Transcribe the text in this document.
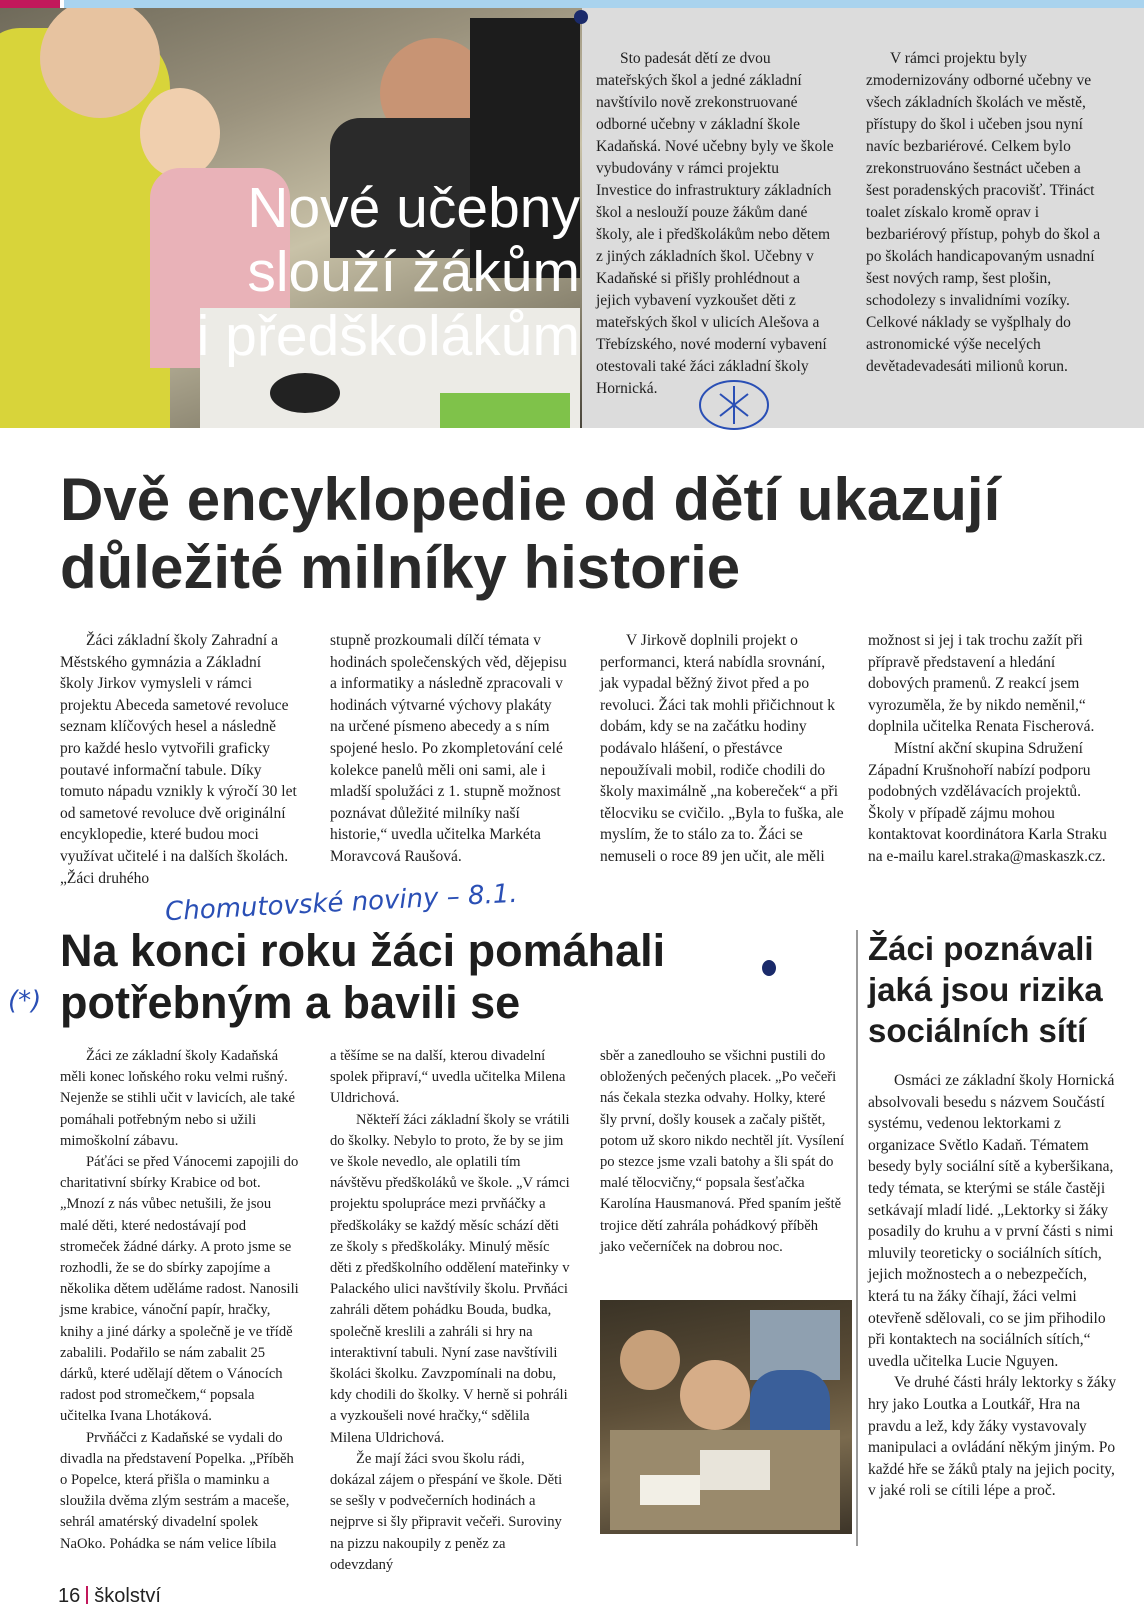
Nové učebny
slouží žákům
i předškolákům

Sto padesát dětí ze dvou mateřských škol a jedné základní navštívilo nově zrekonstruované odborné učebny v základní škole Kadaňská. Nové učebny byly ve škole vybudovány v rámci projektu Investice do infrastruktury základních škol a neslouží pouze žákům dané školy, ale i předškolákům nebo dětem z jiných základních škol. Učebny v Kadaňské si přišly prohlédnout a jejich vybavení vyzkoušet děti z mateřských škol v ulicích Alešova a Třebízského, nové moderní vybavení otestovali také žáci základní školy Hornická.

V rámci projektu byly zmodernizovány odborné učebny ve všech základních školách ve městě, přístupy do škol i učeben jsou nyní navíc bezbariérové. Celkem bylo zrekonstruováno šestnáct učeben a šest poradenských pracovišť. Třináct toalet získalo kromě oprav i bezbariérový přístup, pohyb do škol a po školách handicapovaným usnadní šest nových ramp, šest plošin, schodolezy s invalidními vozíky. Celkové náklady se vyšplhaly do astronomické výše necelých devětadevadesáti milionů korun.

Dvě encyklopedie od dětí ukazují
důležité milníky historie

Žáci základní školy Zahradní a Městského gymnázia a Základní školy Jirkov vymysleli v rámci projektu Abeceda sametové revoluce seznam klíčových hesel a následně pro každé heslo vytvořili graficky poutavé informační tabule. Díky tomuto nápadu vznikly k výročí 30 let od sametové revoluce dvě originální encyklopedie, které budou moci využívat učitelé i na dalších školách. „Žáci druhého

stupně prozkoumali dílčí témata v hodinách společenských věd, dějepisu a informatiky a následně zpracovali v hodinách výtvarné výchovy plakáty na určené písmeno abecedy a s ním spojené heslo. Po zkompletování celé kolekce panelů měli oni sami, ale i mladší spolužáci z 1. stupně možnost poznávat důležité milníky naší historie,“ uvedla učitelka Markéta Moravcová Raušová.

V Jirkově doplnili projekt o performanci, která nabídla srovnání, jak vypadal běžný život před a po revoluci. Žáci tak mohli přičichnout k dobám, kdy se na začátku hodiny podávalo hlášení, o přestávce nepoužívali mobil, rodiče chodili do školy maximálně „na kobereček“ a při tělocviku se cvičilo. „Byla to fuška, ale myslím, že to stálo za to. Žáci se nemuseli o roce 89 jen učit, ale měli

možnost si jej i tak trochu zažít při přípravě představení a hledání dobových pramenů. Z reakcí jsem vyrozuměla, že by nikdo neměnil,“ doplnila učitelka Renata Fischerová.

Místní akční skupina Sdružení Západní Krušnohoří nabízí podporu podobných vzdělávacích projektů. Školy v případě zájmu mohou kontaktovat koordinátora Karla Straku na e-mailu karel.straka@maskaszk.cz.

Chomutovské noviny – 8.1.
(*)
Na konci roku žáci pomáhali
potřebným a bavili se

Žáci ze základní školy Kadaňská měli konec loňského roku velmi rušný. Nejenže se stihli učit v lavicích, ale také pomáhali potřebným nebo si užili mimoškolní zábavu.

Páťáci se před Vánocemi zapojili do charitativní sbírky Krabice od bot. „Mnozí z nás vůbec netušili, že jsou malé děti, které nedostávají pod stromeček žádné dárky. A proto jsme se rozhodli, že se do sbírky zapojíme a několika dětem uděláme radost. Nanosili jsme krabice, vánoční papír, hračky, knihy a jiné dárky a společně je ve třídě zabalili. Podařilo se nám zabalit 25 dárků, které udělají dětem o Vánocích radost pod stromečkem,“ popsala učitelka Ivana Lhotáková.

Prvňáčci z Kadaňské se vydali do divadla na představení Popelka. „Příběh o Popelce, která přišla o maminku a sloužila dvěma zlým sestrám a maceše, sehrál amatérský divadelní spolek NaOko. Pohádka se nám velice líbila

a těšíme se na další, kterou divadelní spolek připraví,“ uvedla učitelka Milena Uldrichová.

Někteří žáci základní školy se vrátili do školky. Nebylo to proto, že by se jim ve škole nevedlo, ale oplatili tím návštěvu předškoláků ve škole. „V rámci projektu spolupráce mezi prvňáčky a předškoláky se každý měsíc schází děti ze školy s předškoláky. Minulý měsíc děti z předškolního oddělení mateřinky v Palackého ulici navštívily školu. Prvňáci zahráli dětem pohádku Bouda, budka, společně kreslili a zahráli si hry na interaktivní tabuli. Nyní zase navštívili školáci školku. Zavzpomínali na dobu, kdy chodili do školky. V herně si pohráli a vyzkoušeli nové hračky,“ sdělila Milena Uldrichová.

Že mají žáci svou školu rádi, dokázal zájem o přespání ve škole. Děti se sešly v podvečerních hodinách a nejprve si šly připravit večeři. Suroviny na pizzu nakoupily z peněz za odevzdaný

sběr a zanedlouho se všichni pustili do obložených pečených placek. „Po večeři nás čekala stezka odvahy. Holky, které šly první, došly kousek a začaly pištět, potom už skoro nikdo nechtěl jít. Vysílení po stezce jsme vzali batohy a šli spát do malé tělocvičny,“ popsala šesťačka Karolína Hausmanová. Před spaním ještě trojice dětí zahrála pohádkový příběh jako večerníček na dobrou noc.

Žáci poznávali
jaká jsou rizika
sociálních sítí

Osmáci ze základní školy Hornická absolvovali besedu s názvem Součástí systému, vedenou lektorkami z organizace Světlo Kadaň. Tématem besedy byly sociální sítě a kyberšikana, tedy témata, se kterými se stále častěji setkávají mladí lidé. „Lektorky si žáky posadily do kruhu a v první části s nimi mluvily teoreticky o sociálních sítích, jejich možnostech a o nebezpečích, která tu na žáky číhají, žáci velmi otevřeně sdělovali, co se jim přihodilo při kontaktech na sociálních sítích,“ uvedla učitelka Lucie Nguyen.

Ve druhé části hrály lektorky s žáky hry jako Loutka a Loutkář, Hra na pravdu a lež, kdy žáky vystavovaly manipulaci a ovládání někým jiným. Po každé hře se žáků ptaly na jejich pocity, v jaké roli se cítili lépe a proč.

16 školství
